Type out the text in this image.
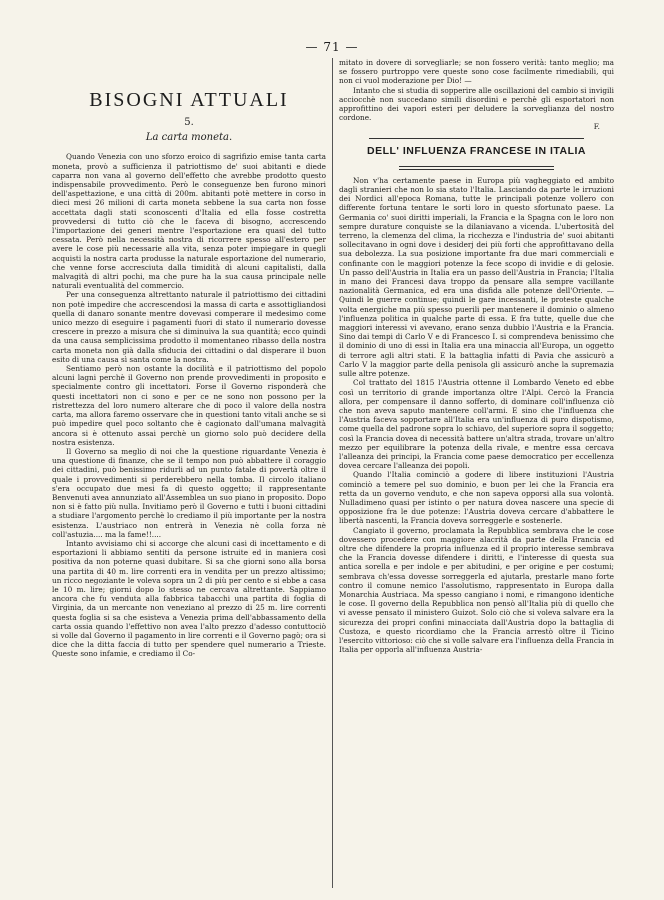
— 71 —
BISOGNI ATTUALI
5.
La carta moneta.

Quando Venezia con uno sforzo eroico di sagrifizio emise tanta carta moneta, provò a sufficienza il patriottismo de' suoi abitanti e diede caparra non vana al governo dell'effetto che avrebbe prodotto questo indispensabile provvedimento. Però le conseguenze ben furono minori dell'aspettazione, e una città di 200m. abitanti potè mettere in corso in dieci mesi 26 milioni di carta moneta sebbene la sua carta non fosse accettata dagli stati sconoscenti d'Italia ed ella fosse costretta provvedersi di tutto ciò che le faceva di bisogno, accrescendo l'importazione dei generi mentre l'esportazione era quasi del tutto cessata. Però nella necessità nostra di ricorrere spesso all'estero per avere le cose più necessarie alla vita, senza poter impiegare in quegli acquisti la nostra carta produsse la naturale esportazione del numerario, che venne forse accresciuta dalla timidità di alcuni capitalisti, dalla malvagità di altri pochi, ma che pure ha la sua causa principale nelle naturali eventualità del commercio.

Per una conseguenza altrettanto naturale il patriottismo dei cittadini non potè impedire che accrescendosi la massa di carta e assottigliandosi quella di danaro sonante mentre dovevasi comperare il medesimo come unico mezzo di eseguire i pagamenti fuori di stato il numerario dovesse crescere in prezzo a misura che si diminuiva la sua quantità; ecco quindi da una causa semplicissima prodotto il momentaneo ribasso della nostra carta moneta non già dalla sfiducia dei cittadini o dal disperare il buon esito di una causa sì santa come la nostra.

Sentiamo però non ostante la docilità e il patriottismo del popolo alcuni lagni perchè il Governo non prende provvedimenti in proposito e specialmente contro gli incettatori. Forse il Governo risponderà che questi incettatori non ci sono e per ce ne sono non possono per la ristrettezza del loro numero alterare che di poco il valore della nostra carta, ma allora faremo osservare che in questioni tanto vitali anche se si può impedire quel poco soltanto che è cagionato dall'umana malvagità ancora si è ottenuto assai perchè un giorno solo può decidere della nostra esistenza.

Il Governo sa meglio di noi che la questione riguardante Venezia è una questione di finanze, che se il tempo non può abbattere il coraggio dei cittadini, può benissimo ridurli ad un punto fatale di povertà oltre il quale i provvedimenti si perderebbero nella tomba. Il circolo italiano s'era occupato due mesi fa di questo oggetto; il rappresentante Benvenuti avea annunziato all'Assemblea un suo piano in proposito. Dopo non si è fatto più nulla. Invitiamo però il Governo e tutti i buoni cittadini a studiare l'argomento perchè lo crediamo il più importante per la nostra esistenza. L'austriaco non entrerà in Venezia nè colla forza nè coll'astuzia.... ma la fame!!....

Intanto avvisiamo chi si accorge che alcuni casi di incettamento e di esportazioni li abbiamo sentiti da persone istruite ed in maniera così positiva da non poterne quasi dubitare. Si sa che giorni sono alla borsa una partita di 40 m. lire correnti era in vendita per un prezzo altissimo; un ricco negoziante le voleva sopra un 2 di più per cento e si ebbe a casa le 10 m. lire; giorni dopo lo stesso ne cercava altrettante. Sappiamo ancora che fu venduta alla fabbrica tabacchi una partita di foglia di Virginia, da un mercante non veneziano al prezzo di 25 m. lire correnti questa foglia si sa che esisteva a Venezia prima dell'abbassamento della carta ossia quando l'effettivo non avea l'alto prezzo d'adesso contuttociò si volle dal Governo il pagamento in lire correnti e il Governo pagò; ora si dice che la ditta faccia di tutto per spendere quel numerario a Trieste. Queste sono infamie, e crediamo il Co-

mitato in dovere di sorvegliarle; se non fossero verità: tanto meglio; ma se fossero purtroppo vere queste sono cose facilmente rimediabili, qui non ci vuol moderazione per Dio! —

Intanto che si studia di sopperire alle oscillazioni del cambio si invigili acciocchè non succedano simili disordini e perchè gli esportatori non approfittino dei vapori esteri per deludere la sorveglianza del nostro cordone.

F.
DELL' INFLUENZA FRANCESE IN ITALIA

Non v'ha certamente paese in Europa più vagheggiato ed ambito dagli stranieri che non lo sia stato l'Italia. Lasciando da parte le irruzioni dei Nordici all'epoca Romana, tutte le principali potenze vollero con differente fortuna tentare le sorti loro in questo sfortunato paese. La Germania co' suoi diritti imperiali, la Francia e la Spagna con le loro non sempre durature conquiste se la dilaniavano a vicenda. L'ubertosità del terreno, la clemenza del clima, la ricchezza e l'industria de' suoi abitanti sollecitavano in ogni dove i desiderj dei più forti che approfittavano della sua debolezza. La sua posizione importante fra due mari commerciali e confinante con le maggiori potenze la fece scopo di invidie e di gelosie. Un passo dell'Austria in Italia era un passo dell'Austria in Francia; l'Italia in mano dei Francesi dava troppo da pensare alla sempre vacillante nazionalità Germanica, ed era una disfida alle potenze dell'Oriente. — Quindi le guerre continue; quindi le gare incessanti, le proteste qualche volta energiche ma più spesso puerili per mantenere il dominio o almeno l'influenza politica in qualche parte di essa. E fra tutte, quelle due che maggiori interessi vi avevano, erano senza dubbio l'Austria e la Francia. Sino dai tempi di Carlo V e di Francesco I. si comprendeva benissimo che il dominio di uno di essi in Italia era una minaccia all'Europa, un oggetto di terrore agli altri stati. E la battaglia infatti di Pavia che assicurò a Carlo V la maggior parte della penisola gli assicurò anche la supremazia sulle altre potenze.

Col trattato del 1815 l'Austria ottenne il Lombardo Veneto ed ebbe così un territorio di grande importanza oltre l'Alpi. Cercò la Francia allora, per compensare il danno sofferto, di dominare coll'influenza ciò che non aveva saputo mantenere coll'armi. E sino che l'influenza che l'Austria faceva sopportare all'Italia era un'influenza di puro dispotismo, come quella del padrone sopra lo schiavo, del superiore sopra il soggetto; così la Francia dovea di necessità battere un'altra strada, trovare un'altro mezzo per equilibrare la potenza della rivale, e mentre essa cercava l'alleanza dei principi, la Francia come paese democratico per eccellenza dovea cercare l'alleanza dei popoli.

Quando l'Italia cominciò a godere di libere instituzioni l'Austria cominciò a temere pel suo dominio, e buon per lei che la Francia era retta da un governo venduto, e che non sapeva opporsi alla sua volontà. Nulladimeno quasi per istinto o per natura dovea nascere una specie di opposizione fra le due potenze: l'Austria doveva cercare d'abbattere le libertà nascenti, la Francia doveva sorreggerle e sostenerle.

Cangiato il governo, proclamata la Repubblica sembrava che le cose dovessero procedere con maggiore alacrità da parte della Francia ed oltre che difendere la propria influenza ed il proprio interesse sembrava che la Francia dovesse difendere i diritti, e l'interesse di questa sua antica sorella e per indole e per abitudini, e per origine e per costumi; sembrava ch'essa dovesse sorreggerla ed ajutarla, prestarle mano forte contro il comune nemico l'assolutismo, rappresentato in Europa dalla Monarchia Austriaca. Ma spesso cangiano i nomi, e rimangono identiche le cose. Il governo della Repubblica non pensò all'Italia più di quello che vi avesse pensato il ministero Guizot. Solo ciò che si voleva salvare era la sicurezza dei propri confini minacciata dall'Austria dopo la battaglia di Custoza, e questo ricordiamo che la Francia arrestò oltre il Ticino l'esercito vittorioso: ciò che si volle salvare era l'influenza della Francia in Italia per opporla all'influenza Austria-
